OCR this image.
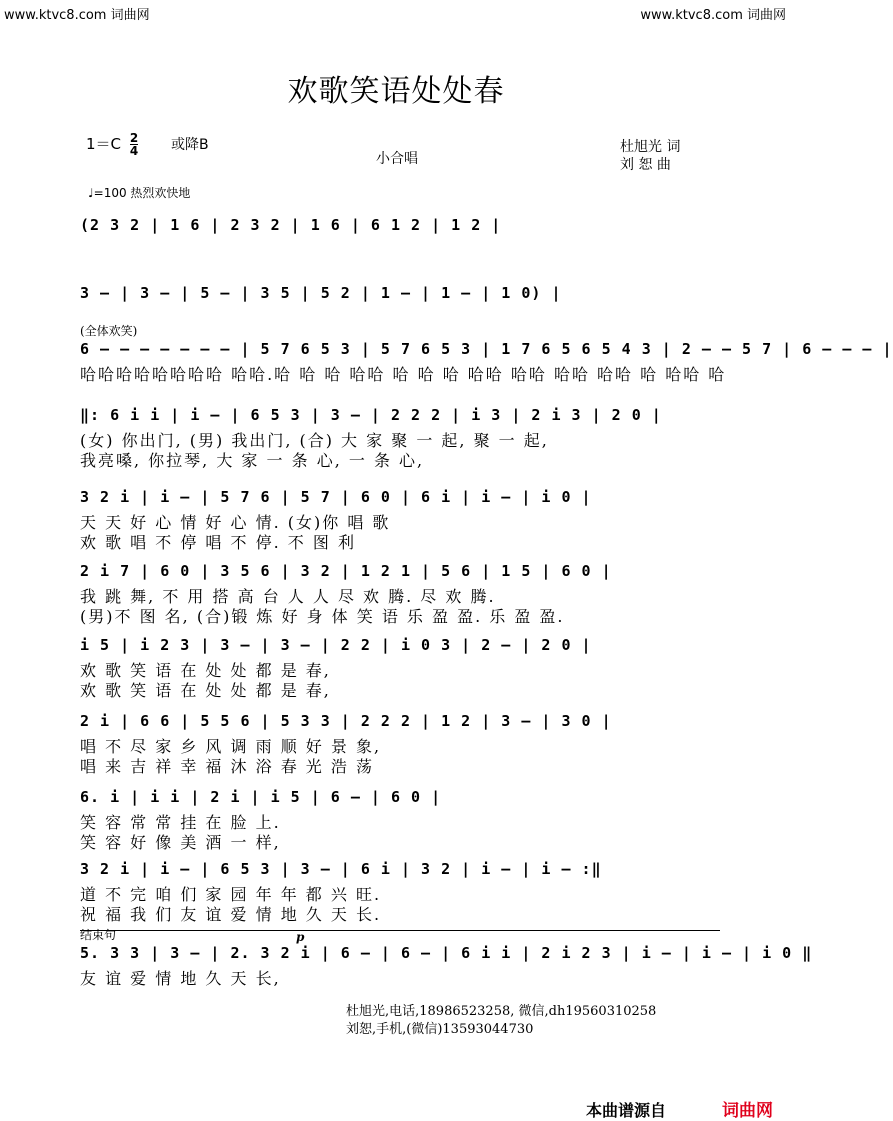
www.ktvc8.com 词曲网	www.ktvc8.com 词曲网
欢歌笑语处处春
$1=C \frac{2}{4}$ 或降B
小合唱
杜旭光 词
刘 恕 曲
♩=100 热烈欢快地
(2 3 2 | 1 6 | 2 3 2 | 1 6 | 6 1 2 | 1 2 |
3 – | 3 – | 5 – | 3 5 | 5 2 | 1 – | 1 – | 1 0) |
6 – – – – – – – | 5 7 6 5 3 | 5 7 6 5 3 | 1 7 6 5 6 5 4 3 | 2 – – 5 7 | 6 – – – |
(全体欢笑)
哈哈哈哈哈哈哈哈 哈哈.哈 哈 哈 哈哈 哈 哈 哈 哈哈 哈哈 哈哈 哈哈 哈 哈哈 哈
‖: 6 i i | i – | 6 5 3 | 3 – | 2 2 2 | i 3 | 2 i 3 | 2 0 |
(女) 你出门, (男) 我出门, (合) 大 家 聚 一 起, 聚 一 起,
我亮嗓, 你拉琴, 大 家 一 条 心, 一 条 心,
3 2 i | i – | 5 7 6 | 5 7 | 6 0 | 6 i | i – | i 0 |
天 天 好 心 情 好 心 情. (女)你 唱 歌
欢 歌 唱 不 停 唱 不 停. 不 图 利
2 i 7 | 6 0 | 3 5 6 | 3 2 | 1 2 1 | 5 6 | 1 5 | 6 0 |
我 跳 舞, 不 用 搭 高 台 人 人 尽 欢 腾. 尽 欢 腾.
(男)不 图 名, (合)锻 炼 好 身 体 笑 语 乐 盈 盈. 乐 盈 盈.
i 5 | i 2 3 | 3 – | 3 – | 2 2 | i 0 3 | 2 – | 2 0 |
欢 歌 笑 语 在 处 处 都 是 春,
欢 歌 笑 语 在 处 处 都 是 春,
2 i | 6 6 | 5 5 6 | 5 3 3 | 2 2 2 | 1 2 | 3 – | 3 0 |
唱 不 尽 家 乡 风 调 雨 顺 好 景 象,
唱 来 吉 祥 幸 福 沐 浴 春 光 浩 荡
6. i | i i | 2 i | i 5 | 6 – | 6 0 |
笑 容 常 常 挂 在 脸 上.
笑 容 好 像 美 酒 一 样,
3 2 i | i – | 6 5 3 | 3 – | 6 i | 3 2 | i – | i – :‖
道 不 完 咱 们 家 园 年 年 都 兴 旺.
祝 福 我 们 友 谊 爱 情 地 久 天 长.
5. 3 3 | 3 – | 2. 3 2 i | 6 – | 6 – | 6 i i | 2 i 2 3 | i – | i – | i 0 ‖
结束句	p
友 谊 爱 情 地 久 天 长,
杜旭光,电话,18986523258, 微信,dh19560310258
刘恕,手机,(微信)13593044730
本曲谱源自	词曲网
